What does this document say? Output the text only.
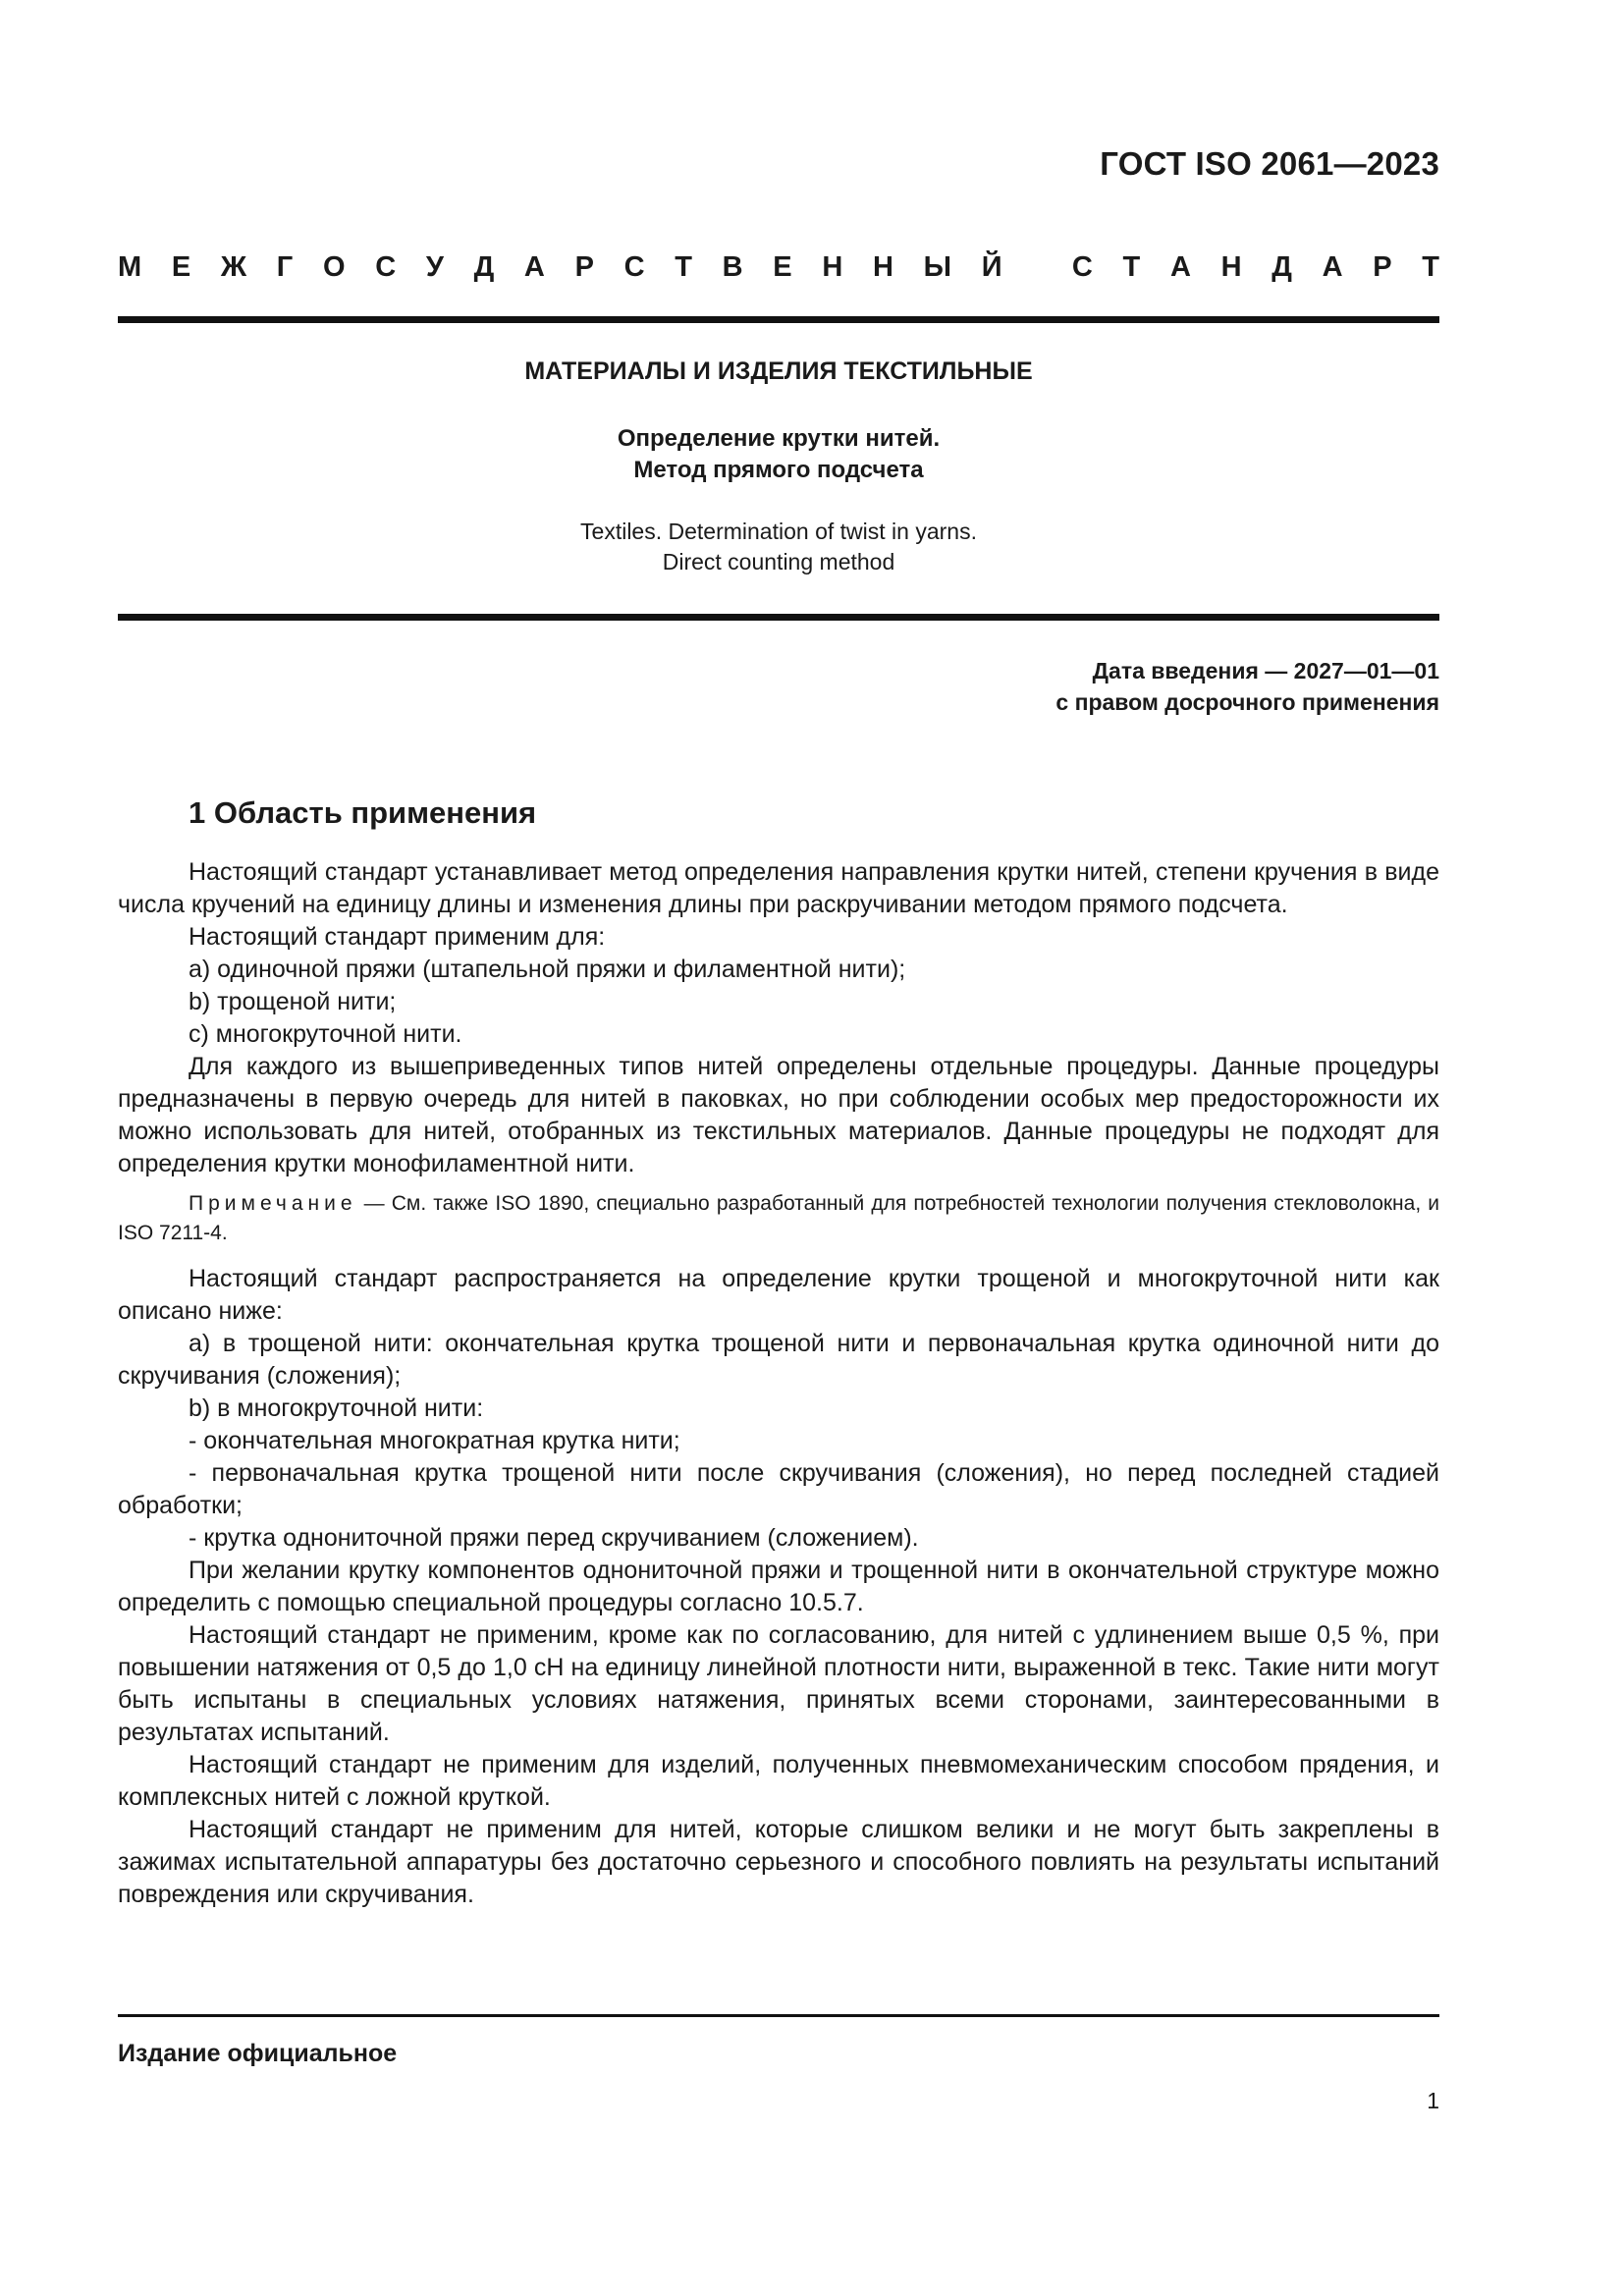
ГОСТ ISO 2061—2023
М Е Ж Г О С У Д А Р С Т В Е Н Н Ы Й С Т А Н Д А Р Т
МАТЕРИАЛЫ И ИЗДЕЛИЯ ТЕКСТИЛЬНЫЕ
Определение крутки нитей.
Метод прямого подсчета
Textiles. Determination of twist in yarns.
Direct counting method
Дата введения — 2027—01—01
с правом досрочного применения
1 Область применения

Настоящий стандарт устанавливает метод определения направления крутки нитей, степени кручения в виде числа кручений на единицу длины и изменения длины при раскручивании методом прямого подсчета.

Настоящий стандарт применим для:

a) одиночной пряжи (штапельной пряжи и филаментной нити);

b) трощеной нити;

c) многокруточной нити.

Для каждого из вышеприведенных типов нитей определены отдельные процедуры. Данные процедуры предназначены в первую очередь для нитей в паковках, но при соблюдении особых мер предосторожности их можно использовать для нитей, отобранных из текстильных материалов. Данные процедуры не подходят для определения крутки монофиламентной нити.

Примечание — См. также ISO 1890, специально разработанный для потребностей технологии получения стекловолокна, и ISO 7211-4.

Настоящий стандарт распространяется на определение крутки трощеной и многокруточной нити как описано ниже:

a) в трощеной нити: окончательная крутка трощеной нити и первоначальная крутка одиночной нити до скручивания (сложения);

b) в многокруточной нити:

- окончательная многократная крутка нити;

- первоначальная крутка трощеной нити после скручивания (сложения), но перед последней стадией обработки;

- крутка однониточной пряжи перед скручиванием (сложением).

При желании крутку компонентов однониточной пряжи и трощенной нити в окончательной структуре можно определить с помощью специальной процедуры согласно 10.5.7.

Настоящий стандарт не применим, кроме как по согласованию, для нитей с удлинением выше 0,5 %, при повышении натяжения от 0,5 до 1,0 сН на единицу линейной плотности нити, выраженной в текс. Такие нити могут быть испытаны в специальных условиях натяжения, принятых всеми сторонами, заинтересованными в результатах испытаний.

Настоящий стандарт не применим для изделий, полученных пневмомеханическим способом прядения, и комплексных нитей с ложной круткой.

Настоящий стандарт не применим для нитей, которые слишком велики и не могут быть закреплены в зажимах испытательной аппаратуры без достаточно серьезного и способного повлиять на результаты испытаний повреждения или скручивания.

Издание официальное
1
